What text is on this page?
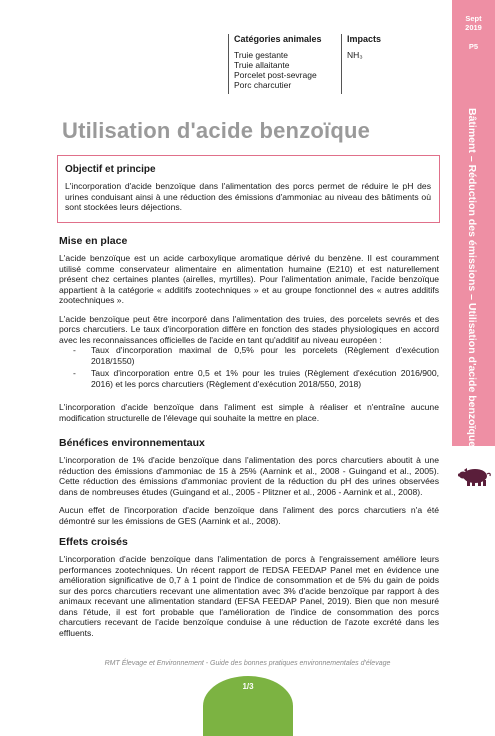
Sept
2019
P5
Bâtiment – Réduction des émissions – Utilisation d'acide benzoïque
Catégories animales
Truie gestante
Truie allaitante
Porcelet post-sevrage
Porc charcutier
Impacts
NH₃
Utilisation d'acide benzoïque
Objectif et principe

L'incorporation d'acide benzoïque dans l'alimentation des porcs permet de réduire le pH des urines conduisant ainsi à une réduction des émissions d'ammoniac au niveau des bâtiments où sont stockées leurs déjections.

Mise en place

L'acide benzoïque est un acide carboxylique aromatique dérivé du benzène. Il est couramment utilisé comme conservateur alimentaire en alimentation humaine (E210) et est naturellement présent chez certaines plantes (airelles, myrtilles). Pour l'alimentation animale, l'acide benzoïque appartient à la catégorie « additifs zootechniques » et au groupe fonctionnel des « autres additifs zootechniques ».

L'acide benzoïque peut être incorporé dans l'alimentation des truies, des porcelets sevrés et des porcs charcutiers. Le taux d'incorporation diffère en fonction des stades physiologiques en accord avec les reconnaissances officielles de l'acide en tant qu'additif au niveau européen :

- Taux d'incorporation maximal de 0,5% pour les porcelets (Règlement d'exécution 2018/1550)
- Taux d'incorporation entre 0,5 et 1% pour les truies (Règlement d'exécution 2016/900, 2016) et les porcs charcutiers (Règlement d'exécution 2018/550, 2018)

L'incorporation d'acide benzoïque dans l'aliment est simple à réaliser et n'entraîne aucune modification structurelle de l'élevage qui souhaite la mettre en place.

Bénéfices environnementaux

L'incorporation de 1% d'acide benzoïque dans l'alimentation des porcs charcutiers aboutit à une réduction des émissions d'ammoniac de 15 à 25% (Aarnink et al., 2008 - Guingand et al., 2005). Cette réduction des émissions d'ammoniac provient de la réduction du pH des urines observées dans de nombreuses études (Guingand et al., 2005 - Plitzner et al., 2006 - Aarnink et al., 2008).

Aucun effet de l'incorporation d'acide benzoïque dans l'aliment des porcs charcutiers n'a été démontré sur les émissions de GES (Aarnink et al., 2008).

Effets croisés

L'incorporation d'acide benzoïque dans l'alimentation de porcs à l'engraissement améliore leurs performances zootechniques. Un récent rapport de l'EDSA FEEDAP Panel met en évidence une amélioration significative de 0,7 à 1 point de l'indice de consommation et de 5% du gain de poids sur des porcs charcutiers recevant une alimentation avec 3% d'acide benzoïque par rapport à des animaux recevant une alimentation standard (EFSA FEEDAP Panel, 2019). Bien que non mesuré dans l'étude, il est fort probable que l'amélioration de l'indice de consommation des porcs charcutiers recevant de l'acide benzoïque conduise à une réduction de l'azote excrété dans les effluents.

RMT Élevage et Environnement - Guide des bonnes pratiques environnementales d'élevage
1/3
